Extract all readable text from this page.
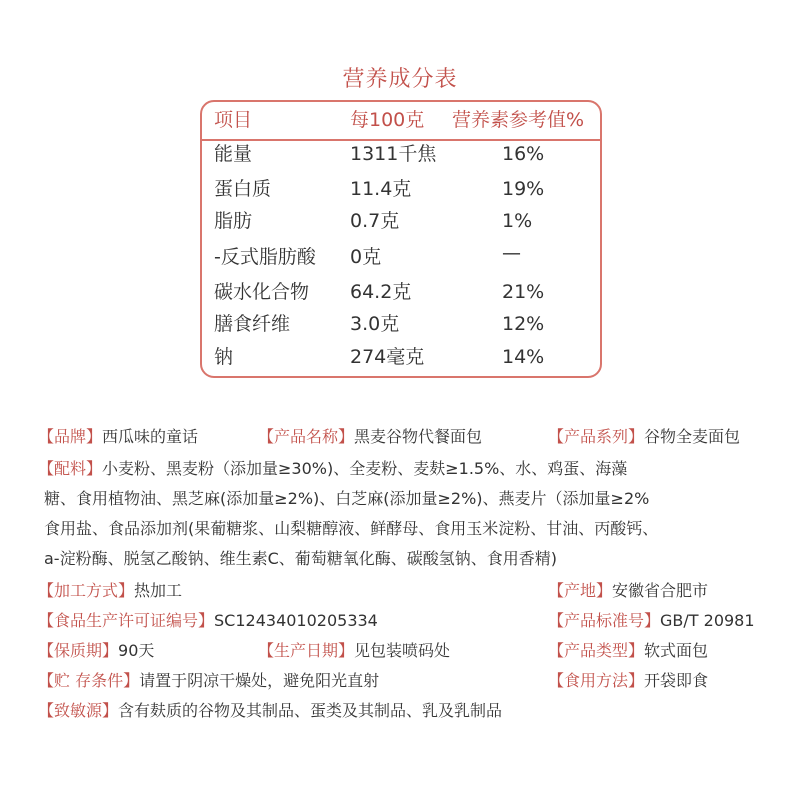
营养成分表
项目	每100克 营养素参考值%
能量	1311千焦	16%
蛋白质	11.4克	19%
脂肪	0.7克	1%
-反式脂肪酸 0克	—
碳水化合物 64.2克	21%
膳食纤维	3.0克	12%
钠	274毫克	14%
【品牌】西瓜味的童话	【产品名称】黑麦谷物代餐面包	【产品系列】谷物全麦面包
【配料】小麦粉、黑麦粉（添加量≥30%)、全麦粉、麦麸≥1.5%、水、鸡蛋、海藻
糖、食用植物油、黑芝麻(添加量≥2%)、白芝麻(添加量≥2%)、燕麦片（添加量≥2%
食用盐、食品添加剂(果葡糖浆、山梨糖醇液、鲜酵母、食用玉米淀粉、甘油、丙酸钙、
a-淀粉酶、脱氢乙酸钠、维生素C、葡萄糖氧化酶、碳酸氢钠、食用香精)
【加工方式】热加工	【产地】安徽省合肥市
【食品生产许可证编号】SC12434010205334	【产品标准号】GB/T 20981
【保质期】90天	【生产日期】见包装喷码处	【产品类型】软式面包
【贮 存条件】请置于阴凉干燥处，避免阳光直射	【食用方法】开袋即食
【致敏源】含有麸质的谷物及其制品、蛋类及其制品、乳及乳制品
